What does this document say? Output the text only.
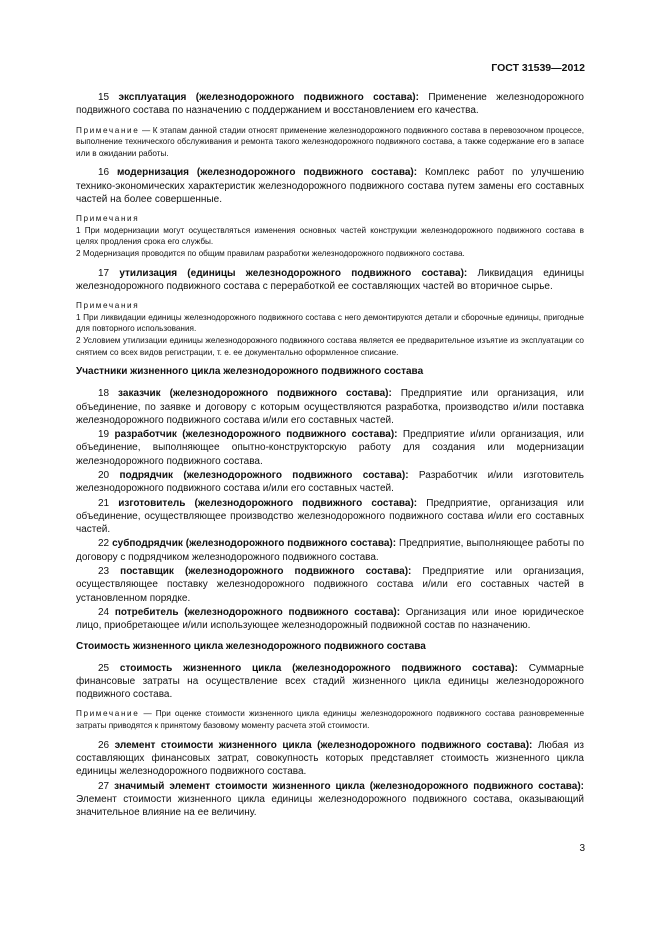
ГОСТ 31539—2012

15 эксплуатация (железнодорожного подвижного состава): Применение железнодорожного подвижного состава по назначению с поддержанием и восстановлением его качества.

Примечание — К этапам данной стадии относят применение железнодорожного подвижного состава в перевозочном процессе, выполнение технического обслуживания и ремонта такого железнодорожного подвижного состава, а также содержание его в запасе или в ожидании работы.

16 модернизация (железнодорожного подвижного состава): Комплекс работ по улучшению технико-экономических характеристик железнодорожного подвижного состава путем замены его составных частей на более совершенные.

Примечания

1 При модернизации могут осуществляться изменения основных частей конструкции железнодорожного подвижного состава в целях продления срока его службы.

2 Модернизация проводится по общим правилам разработки железнодорожного подвижного состава.

17 утилизация (единицы железнодорожного подвижного состава): Ликвидация единицы железнодорожного подвижного состава с переработкой ее составляющих частей во вторичное сырье.

Примечания

1 При ликвидации единицы железнодорожного подвижного состава с него демонтируются детали и сборочные единицы, пригодные для повторного использования.

2 Условием утилизации единицы железнодорожного подвижного состава является ее предварительное изъятие из эксплуатации со снятием со всех видов регистрации, т. е. ее документально оформленное списание.

Участники жизненного цикла железнодорожного подвижного состава

18 заказчик (железнодорожного подвижного состава): Предприятие или организация, или объединение, по заявке и договору с которым осуществляются разработка, производство и/или поставка железнодорожного подвижного состава и/или его составных частей.

19 разработчик (железнодорожного подвижного состава): Предприятие и/или организация, или объединение, выполняющее опытно-конструкторскую работу для создания или модернизации железнодорожного подвижного состава.

20 подрядчик (железнодорожного подвижного состава): Разработчик и/или изготовитель железнодорожного подвижного состава и/или его составных частей.

21 изготовитель (железнодорожного подвижного состава): Предприятие, организация или объединение, осуществляющее производство железнодорожного подвижного состава и/или его составных частей.

22 субподрядчик (железнодорожного подвижного состава): Предприятие, выполняющее работы по договору с подрядчиком железнодорожного подвижного состава.

23 поставщик (железнодорожного подвижного состава): Предприятие или организация, осуществляющее поставку железнодорожного подвижного состава и/или его составных частей в установленном порядке.

24 потребитель (железнодорожного подвижного состава): Организация или иное юридическое лицо, приобретающее и/или использующее железнодорожный подвижной состав по назначению.

Стоимость жизненного цикла железнодорожного подвижного состава

25 стоимость жизненного цикла (железнодорожного подвижного состава): Суммарные финансовые затраты на осуществление всех стадий жизненного цикла единицы железнодорожного подвижного состава.

Примечание — При оценке стоимости жизненного цикла единицы железнодорожного подвижного состава разновременные затраты приводятся к принятому базовому моменту расчета этой стоимости.

26 элемент стоимости жизненного цикла (железнодорожного подвижного состава): Любая из составляющих финансовых затрат, совокупность которых представляет стоимость жизненного цикла единицы железнодорожного подвижного состава.

27 значимый элемент стоимости жизненного цикла (железнодорожного подвижного состава): Элемент стоимости жизненного цикла единицы железнодорожного подвижного состава, оказывающий значительное влияние на ее величину.

3
